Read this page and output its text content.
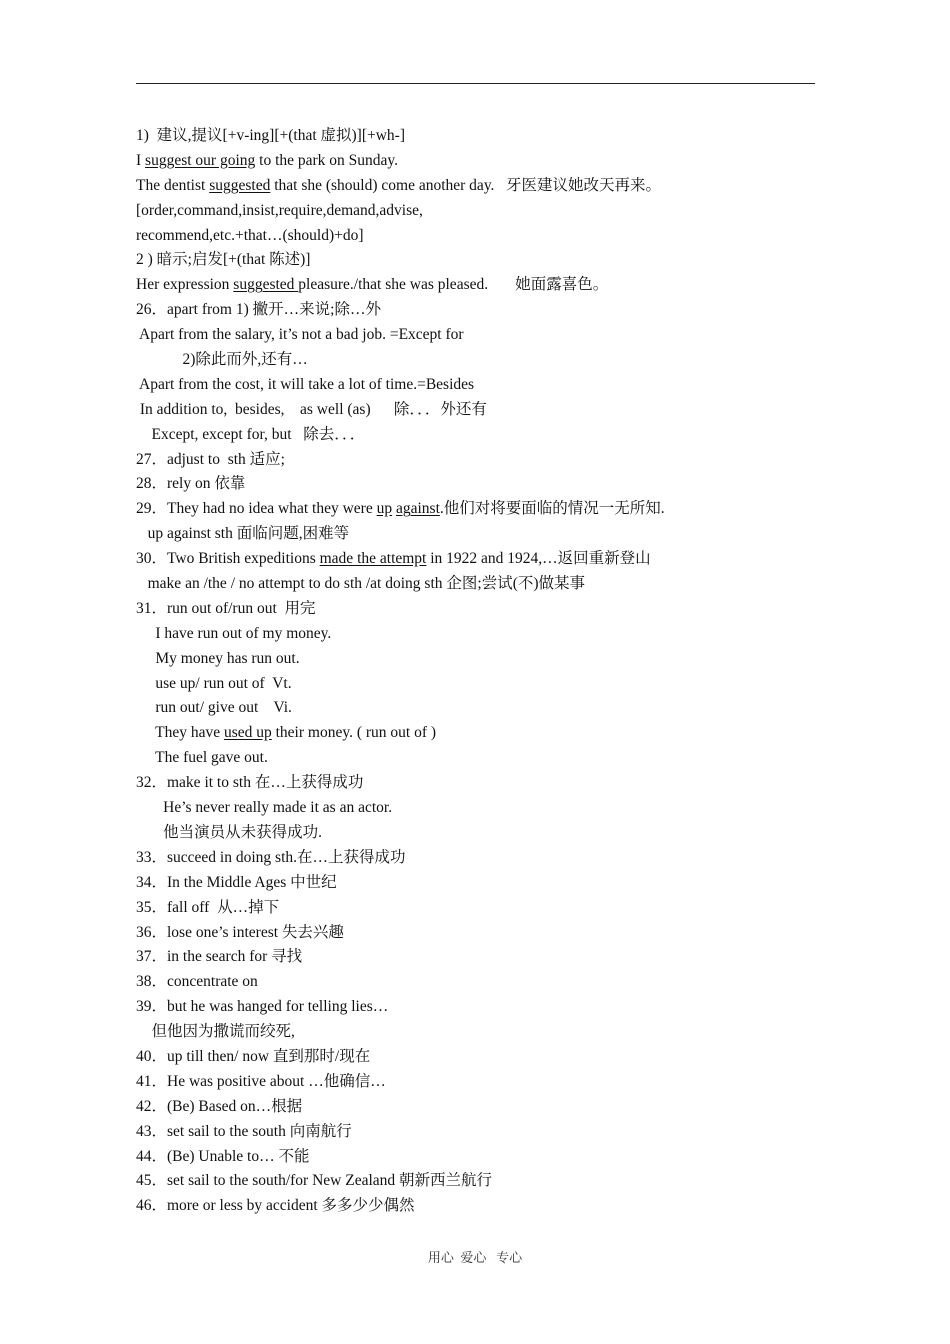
1)  建议,提议[+v-ing][+(that 虚拟)][+wh-]
I suggest our going to the park on Sunday.
The dentist suggested that she (should) come another day.   牙医建议她改天再来。
[order,command,insist,require,demand,advise,
recommend,etc.+that…(should)+do]
2 ) 暗示;启发[+(that 陈述)]
Her expression suggested pleasure./that she was pleased.       她面露喜色。
26．apart from 1) 撇开…来说;除…外
Apart from the salary, it’s not a bad job. =Except for
2)除此而外,还有…
Apart from the cost, it will take a lot of time.=Besides
In addition to,  besides,    as well (as)      除．．．外还有
Except, except for, but   除去．．．
27．adjust to  sth 适应;
28．rely on 依靠
29．They had no idea what they were up against.他们对将要面临的情况一无所知.
up against sth 面临问题,困难等
30．Two British expeditions made the attempt in 1922 and 1924,…返回重新登山
make an /the / no attempt to do sth /at doing sth 企图;尝试(不)做某事
31．run out of/run out  用完
I have run out of my money.
My money has run out.
use up/ run out of  Vt.
run out/ give out    Vi.
They have used up their money. ( run out of )
The fuel gave out.
32．make it to sth 在…上获得成功
He’s never really made it as an actor.
他当演员从未获得成功.
33．succeed in doing sth.在…上获得成功
34．In the Middle Ages 中世纪
35．fall off  从…掉下
36．lose one’s interest 失去兴趣
37．in the search for 寻找
38．concentrate on
39．but he was hanged for telling lies…
但他因为撒谎而绞死,
40．up till then/ now 直到那时/现在
41．He was positive about …他确信…
42．(Be) Based on…根据
43．set sail to the south 向南航行
44．(Be) Unable to… 不能
45．set sail to the south/for New Zealand 朝新西兰航行
46．more or less by accident 多多少少偶然
用心  爱心   专心
